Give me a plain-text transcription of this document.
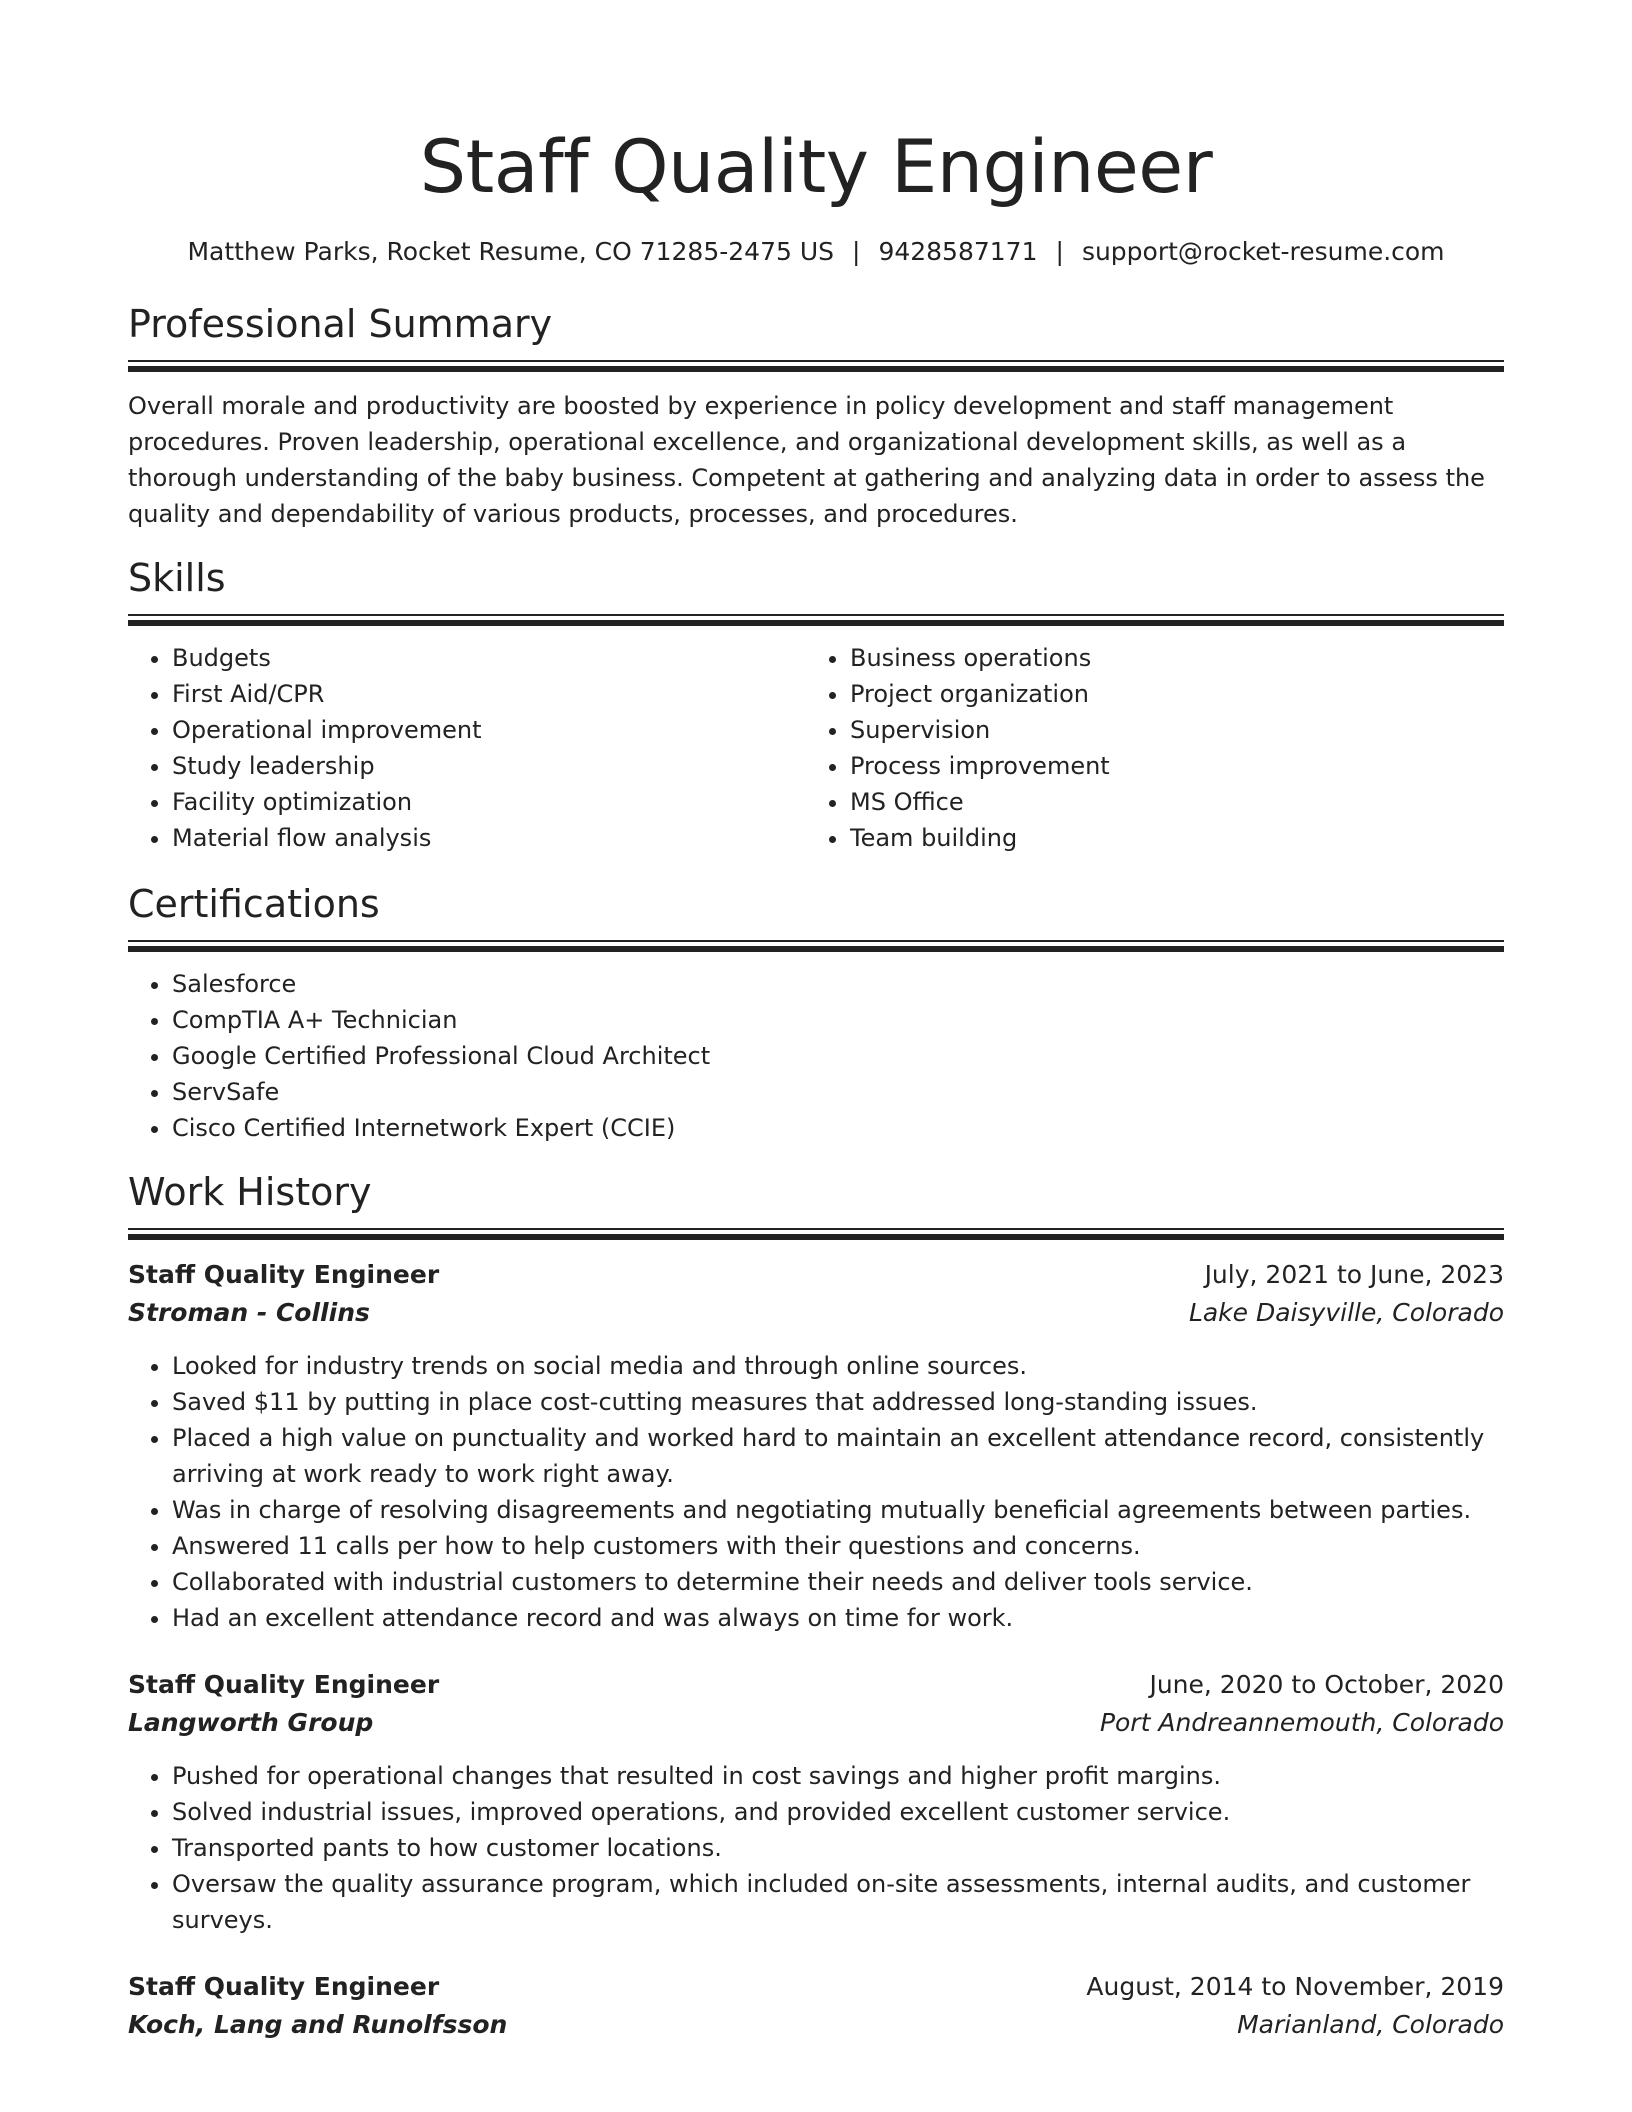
Staff Quality Engineer
Matthew Parks, Rocket Resume, CO 71285-2475 US | 9428587171 | support@rocket-resume.com
Professional Summary

Overall morale and productivity are boosted by experience in policy development and staff management procedures. Proven leadership, operational excellence, and organizational development skills, as well as a thorough understanding of the baby business. Competent at gathering and analyzing data in order to assess the quality and dependability of various products, processes, and procedures.

Skills
• Budgets
• First Aid/CPR
• Operational improvement
• Study leadership
• Facility optimization
• Material flow analysis
• Business operations
• Project organization
• Supervision
• Process improvement
• MS Office
• Team building
Certifications
• Salesforce
• CompTIA A+ Technician
• Google Certified Professional Cloud Architect
• ServSafe
• Cisco Certified Internetwork Expert (CCIE)
Work History
Staff Quality Engineer	July, 2021 to June, 2023
Stroman - Collins	Lake Daisyville, Colorado
• Looked for industry trends on social media and through online sources.
• Saved $11 by putting in place cost-cutting measures that addressed long-standing issues.
• Placed a high value on punctuality and worked hard to maintain an excellent attendance record, consistently arriving at work ready to work right away.
• Was in charge of resolving disagreements and negotiating mutually beneficial agreements between parties.
• Answered 11 calls per how to help customers with their questions and concerns.
• Collaborated with industrial customers to determine their needs and deliver tools service.
• Had an excellent attendance record and was always on time for work.
Staff Quality Engineer	June, 2020 to October, 2020
Langworth Group	Port Andreannemouth, Colorado
• Pushed for operational changes that resulted in cost savings and higher profit margins.
• Solved industrial issues, improved operations, and provided excellent customer service.
• Transported pants to how customer locations.
• Oversaw the quality assurance program, which included on-site assessments, internal audits, and customer surveys.
Staff Quality Engineer	August, 2014 to November, 2019
Koch, Lang and Runolfsson	Marianland, Colorado
